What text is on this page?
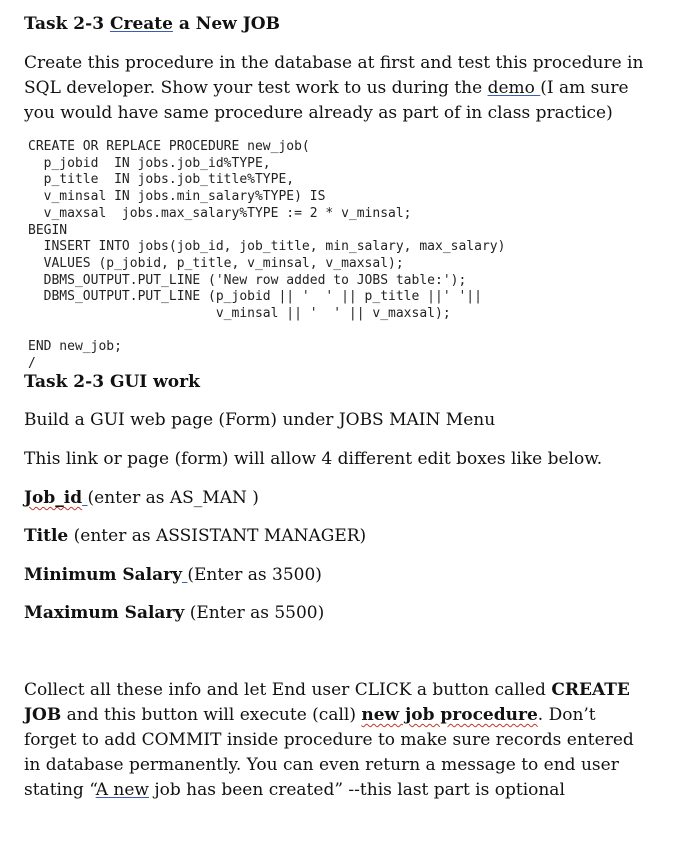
Task 2-3 Create a New JOB
Create this procedure in the database at first and test this procedure in SQL developer. Show your test work to us during the demo (I am sure you would have same procedure already as part of in class practice)
CREATE OR REPLACE PROCEDURE new_job(
p_jobid  IN jobs.job_id%TYPE,
p_title  IN jobs.job_title%TYPE,
v_minsal IN jobs.min_salary%TYPE) IS
v_maxsal  jobs.max_salary%TYPE := 2 * v_minsal;
BEGIN
INSERT INTO jobs(job_id, job_title, min_salary, max_salary)
VALUES (p_jobid, p_title, v_minsal, v_maxsal);
DBMS_OUTPUT.PUT_LINE ('New row added to JOBS table:');
DBMS_OUTPUT.PUT_LINE (p_jobid || '  ' || p_title ||' '||
v_minsal || '  ' || v_maxsal);

END new_job;
/
Task 2-3 GUI work
Build a GUI web page (Form) under JOBS MAIN Menu
This link or page (form) will allow 4 different edit boxes like below.
Job_id (enter as AS_MAN )
Title (enter as ASSISTANT MANAGER)
Minimum Salary (Enter as 3500)
Maximum Salary (Enter as 5500)
Collect all these info and let End user CLICK a button called CREATE JOB and this button will execute (call) new job procedure. Don’t forget to add COMMIT inside procedure to make sure records entered in database permanently. You can even return a message to end user stating “A new job has been created” --this last part is optional
